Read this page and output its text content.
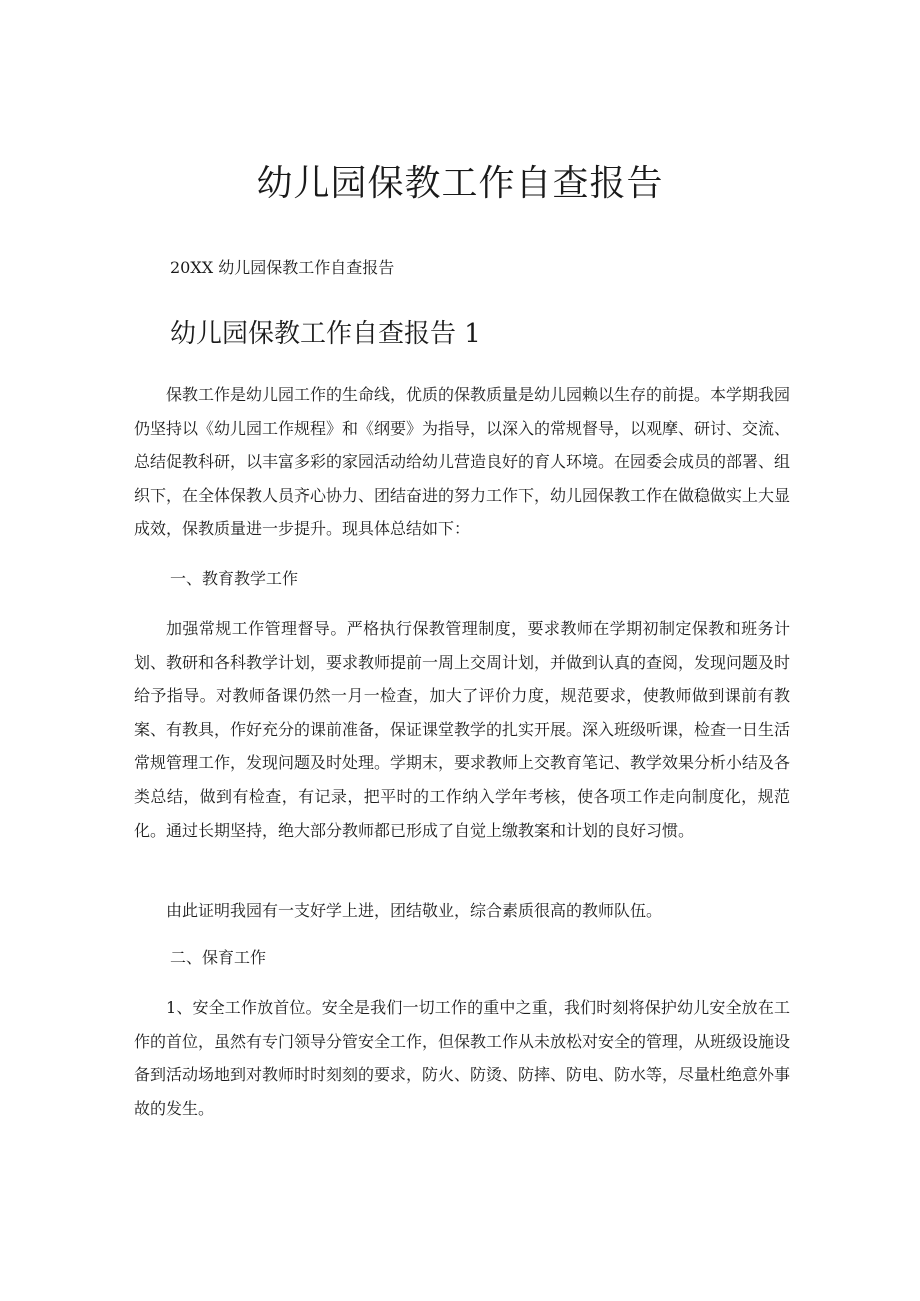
幼儿园保教工作自查报告

20XX 幼儿园保教工作自查报告

幼儿园保教工作自查报告 1

保教工作是幼儿园工作的生命线，优质的保教质量是幼儿园赖以生存的前提。本学期我园仍坚持以《幼儿园工作规程》和《纲要》为指导，以深入的常规督导，以观摩、研讨、交流、总结促教科研，以丰富多彩的家园活动给幼儿营造良好的育人环境。在园委会成员的部署、组织下，在全体保教人员齐心协力、团结奋进的努力工作下，幼儿园保教工作在做稳做实上大显成效，保教质量进一步提升。现具体总结如下：

一、教育教学工作

加强常规工作管理督导。严格执行保教管理制度，要求教师在学期初制定保教和班务计划、教研和各科教学计划，要求教师提前一周上交周计划，并做到认真的查阅，发现问题及时给予指导。对教师备课仍然一月一检查，加大了评价力度，规范要求，使教师做到课前有教案、有教具，作好充分的课前准备，保证课堂教学的扎实开展。深入班级听课，检查一日生活常规管理工作，发现问题及时处理。学期末，要求教师上交教育笔记、教学效果分析小结及各类总结，做到有检查，有记录，把平时的工作纳入学年考核，使各项工作走向制度化，规范化。通过长期坚持，绝大部分教师都已形成了自觉上缴教案和计划的良好习惯。

由此证明我园有一支好学上进，团结敬业，综合素质很高的教师队伍。

二、保育工作

1、安全工作放首位。安全是我们一切工作的重中之重，我们时刻将保护幼儿安全放在工作的首位，虽然有专门领导分管安全工作，但保教工作从未放松对安全的管理，从班级设施设备到活动场地到对教师时时刻刻的要求，防火、防烫、防摔、防电、防水等，尽量杜绝意外事故的发生。
